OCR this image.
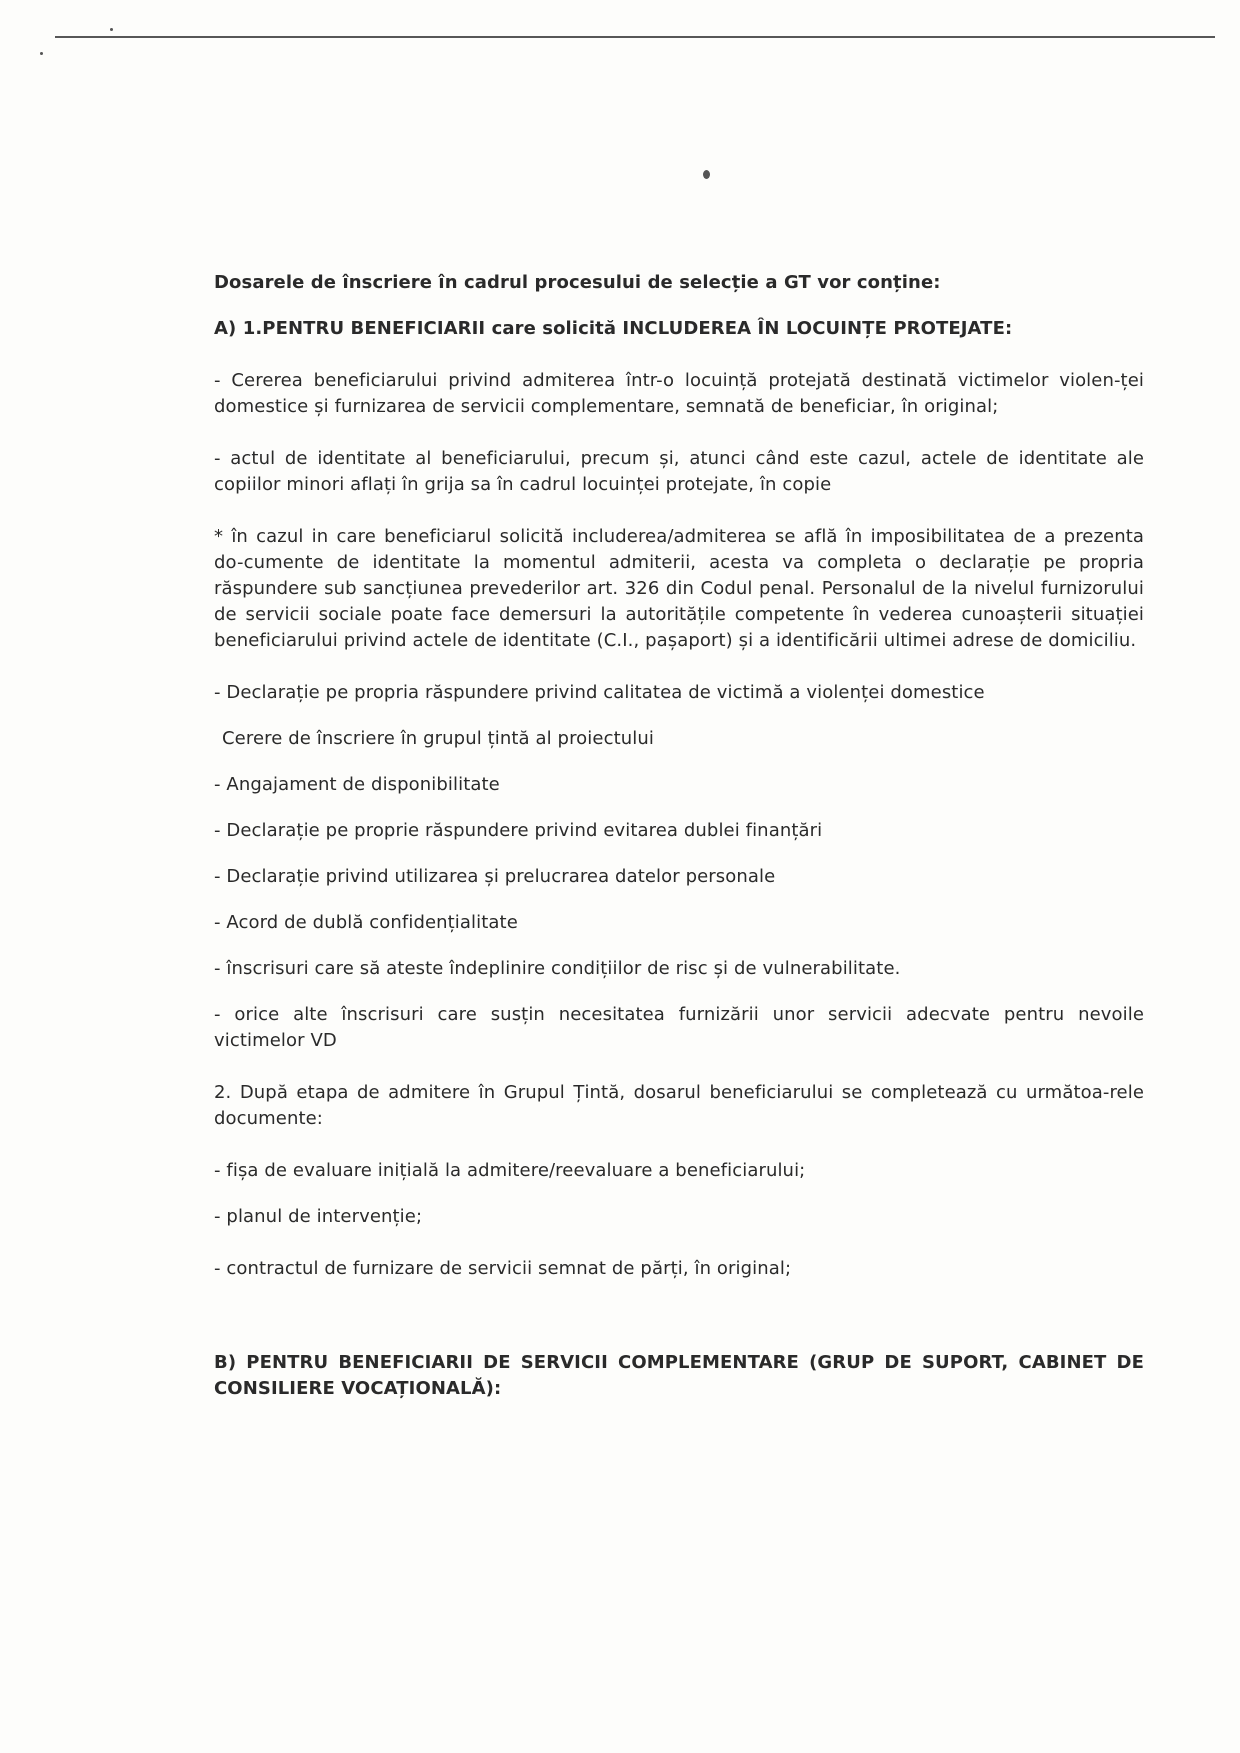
Dosarele de înscriere în cadrul procesului de selecție a GT vor conține:

A) 1.PENTRU BENEFICIARII care solicită INCLUDEREA ÎN LOCUINȚE PROTEJATE:

- Cererea beneficiarului privind admiterea într-o locuință protejată destinată victimelor violen-ței domestice și furnizarea de servicii complementare, semnată de beneficiar, în original;

- actul de identitate al beneficiarului, precum și, atunci când este cazul, actele de identitate ale copiilor minori aflați în grija sa în cadrul locuinței protejate, în copie

* în cazul in care beneficiarul solicită includerea/admiterea se află în imposibilitatea de a prezenta do-cumente de identitate la momentul admiterii, acesta va completa o declarație pe propria răspundere sub sancțiunea prevederilor art. 326 din Codul penal. Personalul de la nivelul furnizorului de servicii sociale poate face demersuri la autoritățile competente în vederea cunoașterii situației beneficiarului privind actele de identitate (C.I., pașaport) și a identificării ultimei adrese de domiciliu.

- Declarație pe propria răspundere privind calitatea de victimă a violenței domestice

Cerere de înscriere în grupul țintă al proiectului

- Angajament de disponibilitate

- Declarație pe proprie răspundere privind evitarea dublei finanțări

- Declarație privind utilizarea și prelucrarea datelor personale

- Acord de dublă confidențialitate

- înscrisuri care să ateste îndeplinire condițiilor de risc și de vulnerabilitate.

- orice alte înscrisuri care susțin necesitatea furnizării unor servicii adecvate pentru nevoile victimelor VD

2. După etapa de admitere în Grupul Țintă, dosarul beneficiarului se completează cu următoa-rele documente:

- fișa de evaluare inițială la admitere/reevaluare a beneficiarului;

- planul de intervenție;

- contractul de furnizare de servicii semnat de părți, în original;

B) PENTRU BENEFICIARII DE SERVICII COMPLEMENTARE (GRUP DE SUPORT, CABINET DE CONSILIERE VOCAȚIONALĂ):
